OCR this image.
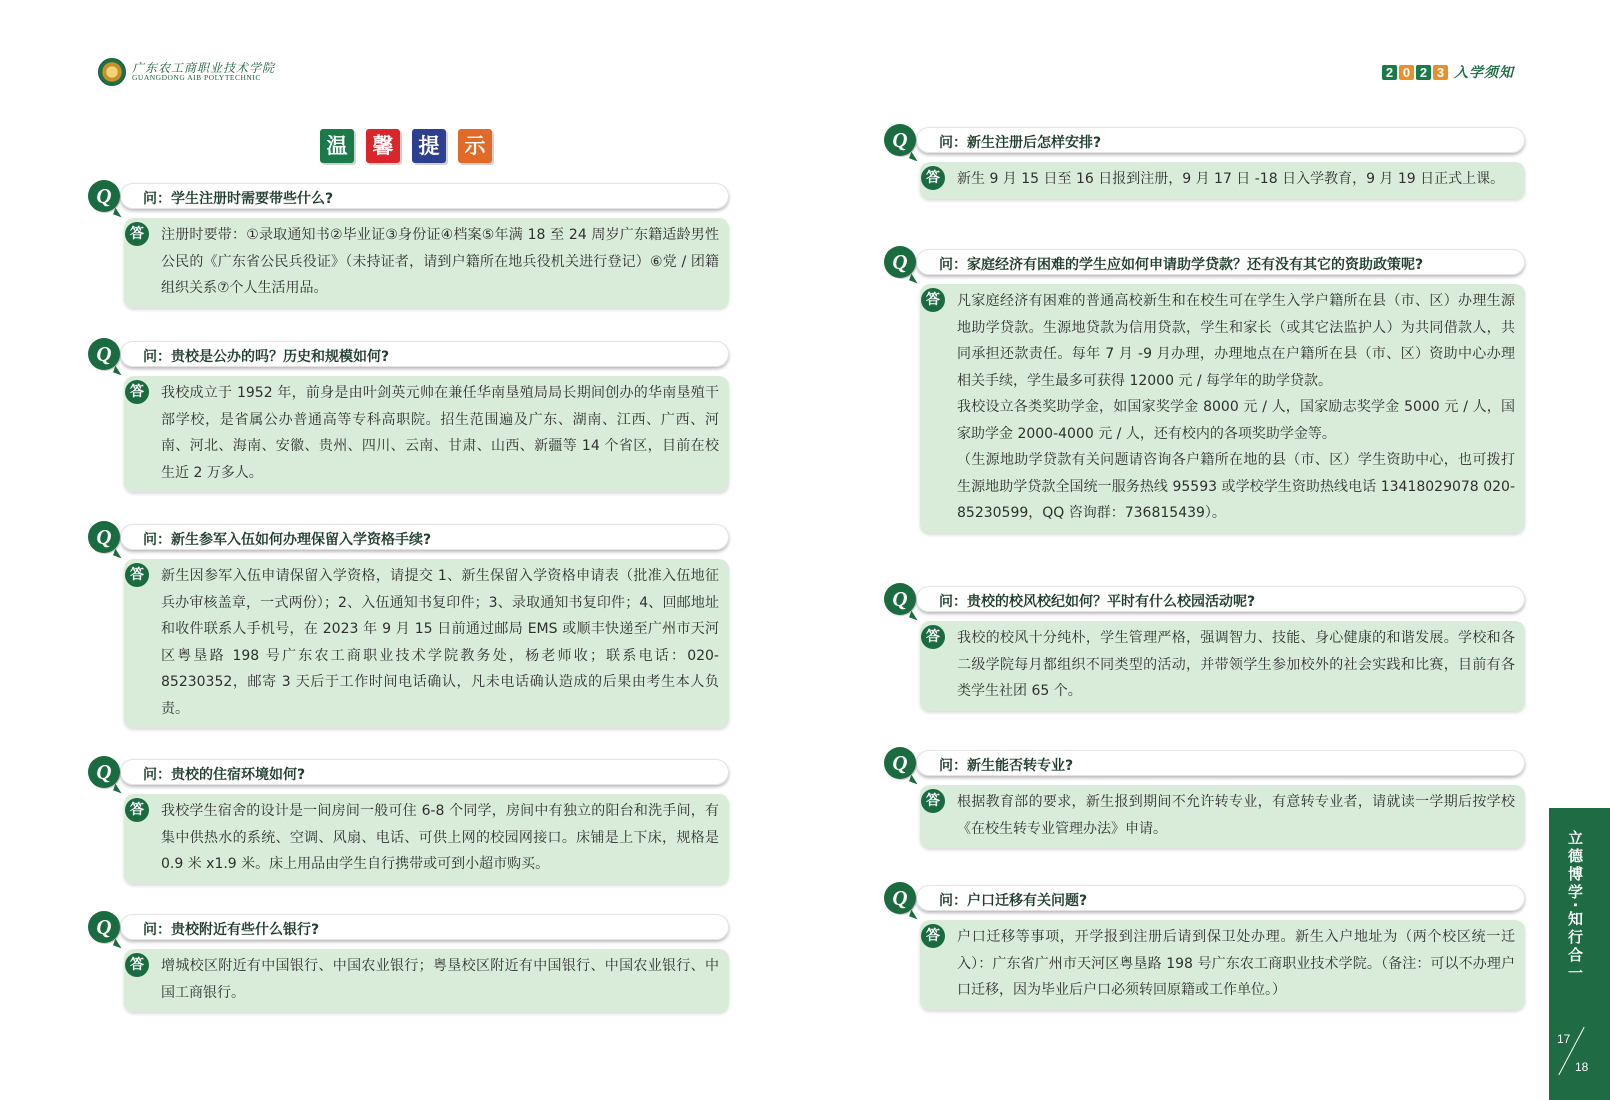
广东农工商职业技术学院
GUANGDONG AIB POLYTECHNIC	2 0 2 3 入学须知
温	馨	提	示
Q	问：学生注册时需要带些什么?
答	注册时要带：①录取通知书②毕业证③身份证④档案⑤年满 18 至 24 周岁广东籍适龄男性公民的《广东省公民兵役证》（未持证者，请到户籍所在地兵役机关进行登记）⑥党 / 团籍组织关系⑦个人生活用品。

Q	问：贵校是公办的吗？历史和规模如何?
答	我校成立于 1952 年，前身是由叶剑英元帅在兼任华南垦殖局局长期间创办的华南垦殖干部学校，是省属公办普通高等专科高职院。招生范围遍及广东、湖南、江西、广西、河南、河北、海南、安徽、贵州、四川、云南、甘肃、山西、新疆等 14 个省区，目前在校生近 2 万多人。

Q	问：新生参军入伍如何办理保留入学资格手续?
答	新生因参军入伍申请保留入学资格，请提交 1、新生保留入学资格申请表（批准入伍地征兵办审核盖章，一式两份）；2、入伍通知书复印件；3、录取通知书复印件；4、回邮地址和收件联系人手机号，在 2023 年 9 月 15 日前通过邮局 EMS 或顺丰快递至广州市天河区粤垦路 198 号广东农工商职业技术学院教务处，杨老师收；联系电话：020-85230352，邮寄 3 天后于工作时间电话确认，凡未电话确认造成的后果由考生本人负责。

Q	问：贵校的住宿环境如何?
答	我校学生宿舍的设计是一间房间一般可住 6-8 个同学，房间中有独立的阳台和洗手间，有集中供热水的系统、空调、风扇、电话、可供上网的校园网接口。床铺是上下床，规格是 0.9 米 x1.9 米。床上用品由学生自行携带或可到小超市购买。

Q	问：贵校附近有些什么银行?
答	增城校区附近有中国银行、中国农业银行；粤垦校区附近有中国银行、中国农业银行、中国工商银行。

Q	问：新生注册后怎样安排?
答	新生 9 月 15 日至 16 日报到注册，9 月 17 日 -18 日入学教育，9 月 19 日正式上课。

Q	问：家庭经济有困难的学生应如何申请助学贷款？还有没有其它的资助政策呢?
答	凡家庭经济有困难的普通高校新生和在校生可在学生入学户籍所在县（市、区）办理生源地助学贷款。生源地贷款为信用贷款，学生和家长（或其它法监护人）为共同借款人，共同承担还款责任。每年 7 月 -9 月办理，办理地点在户籍所在县（市、区）资助中心办理相关手续，学生最多可获得 12000 元 / 每学年的助学贷款。

我校设立各类奖助学金，如国家奖学金 8000 元 / 人，国家励志奖学金 5000 元 / 人，国家助学金 2000-4000 元 / 人，还有校内的各项奖助学金等。

（生源地助学贷款有关问题请咨询各户籍所在地的县（市、区）学生资助中心，也可拨打生源地助学贷款全国统一服务热线 95593 或学校学生资助热线电话 13418029078 020-85230599，QQ 咨询群：736815439）。

Q	问：贵校的校风校纪如何？平时有什么校园活动呢?
答	我校的校风十分纯朴，学生管理严格，强调智力、技能、身心健康的和谐发展。学校和各二级学院每月都组织不同类型的活动，并带领学生参加校外的社会实践和比赛，目前有各类学生社团 65 个。

Q	问：新生能否转专业?
答	根据教育部的要求，新生报到期间不允许转专业，有意转专业者，请就读一学期后按学校《在校生转专业管理办法》申请。

Q	问：户口迁移有关问题?
答	户口迁移等事项，开学报到注册后请到保卫处办理。新生入户地址为（两个校区统一迁入）：广东省广州市天河区粤垦路 198 号广东农工商职业技术学院。（备注：可以不办理户口迁移，因为毕业后户口必须转回原籍或工作单位。）

立德博学·知行合一
17
18
